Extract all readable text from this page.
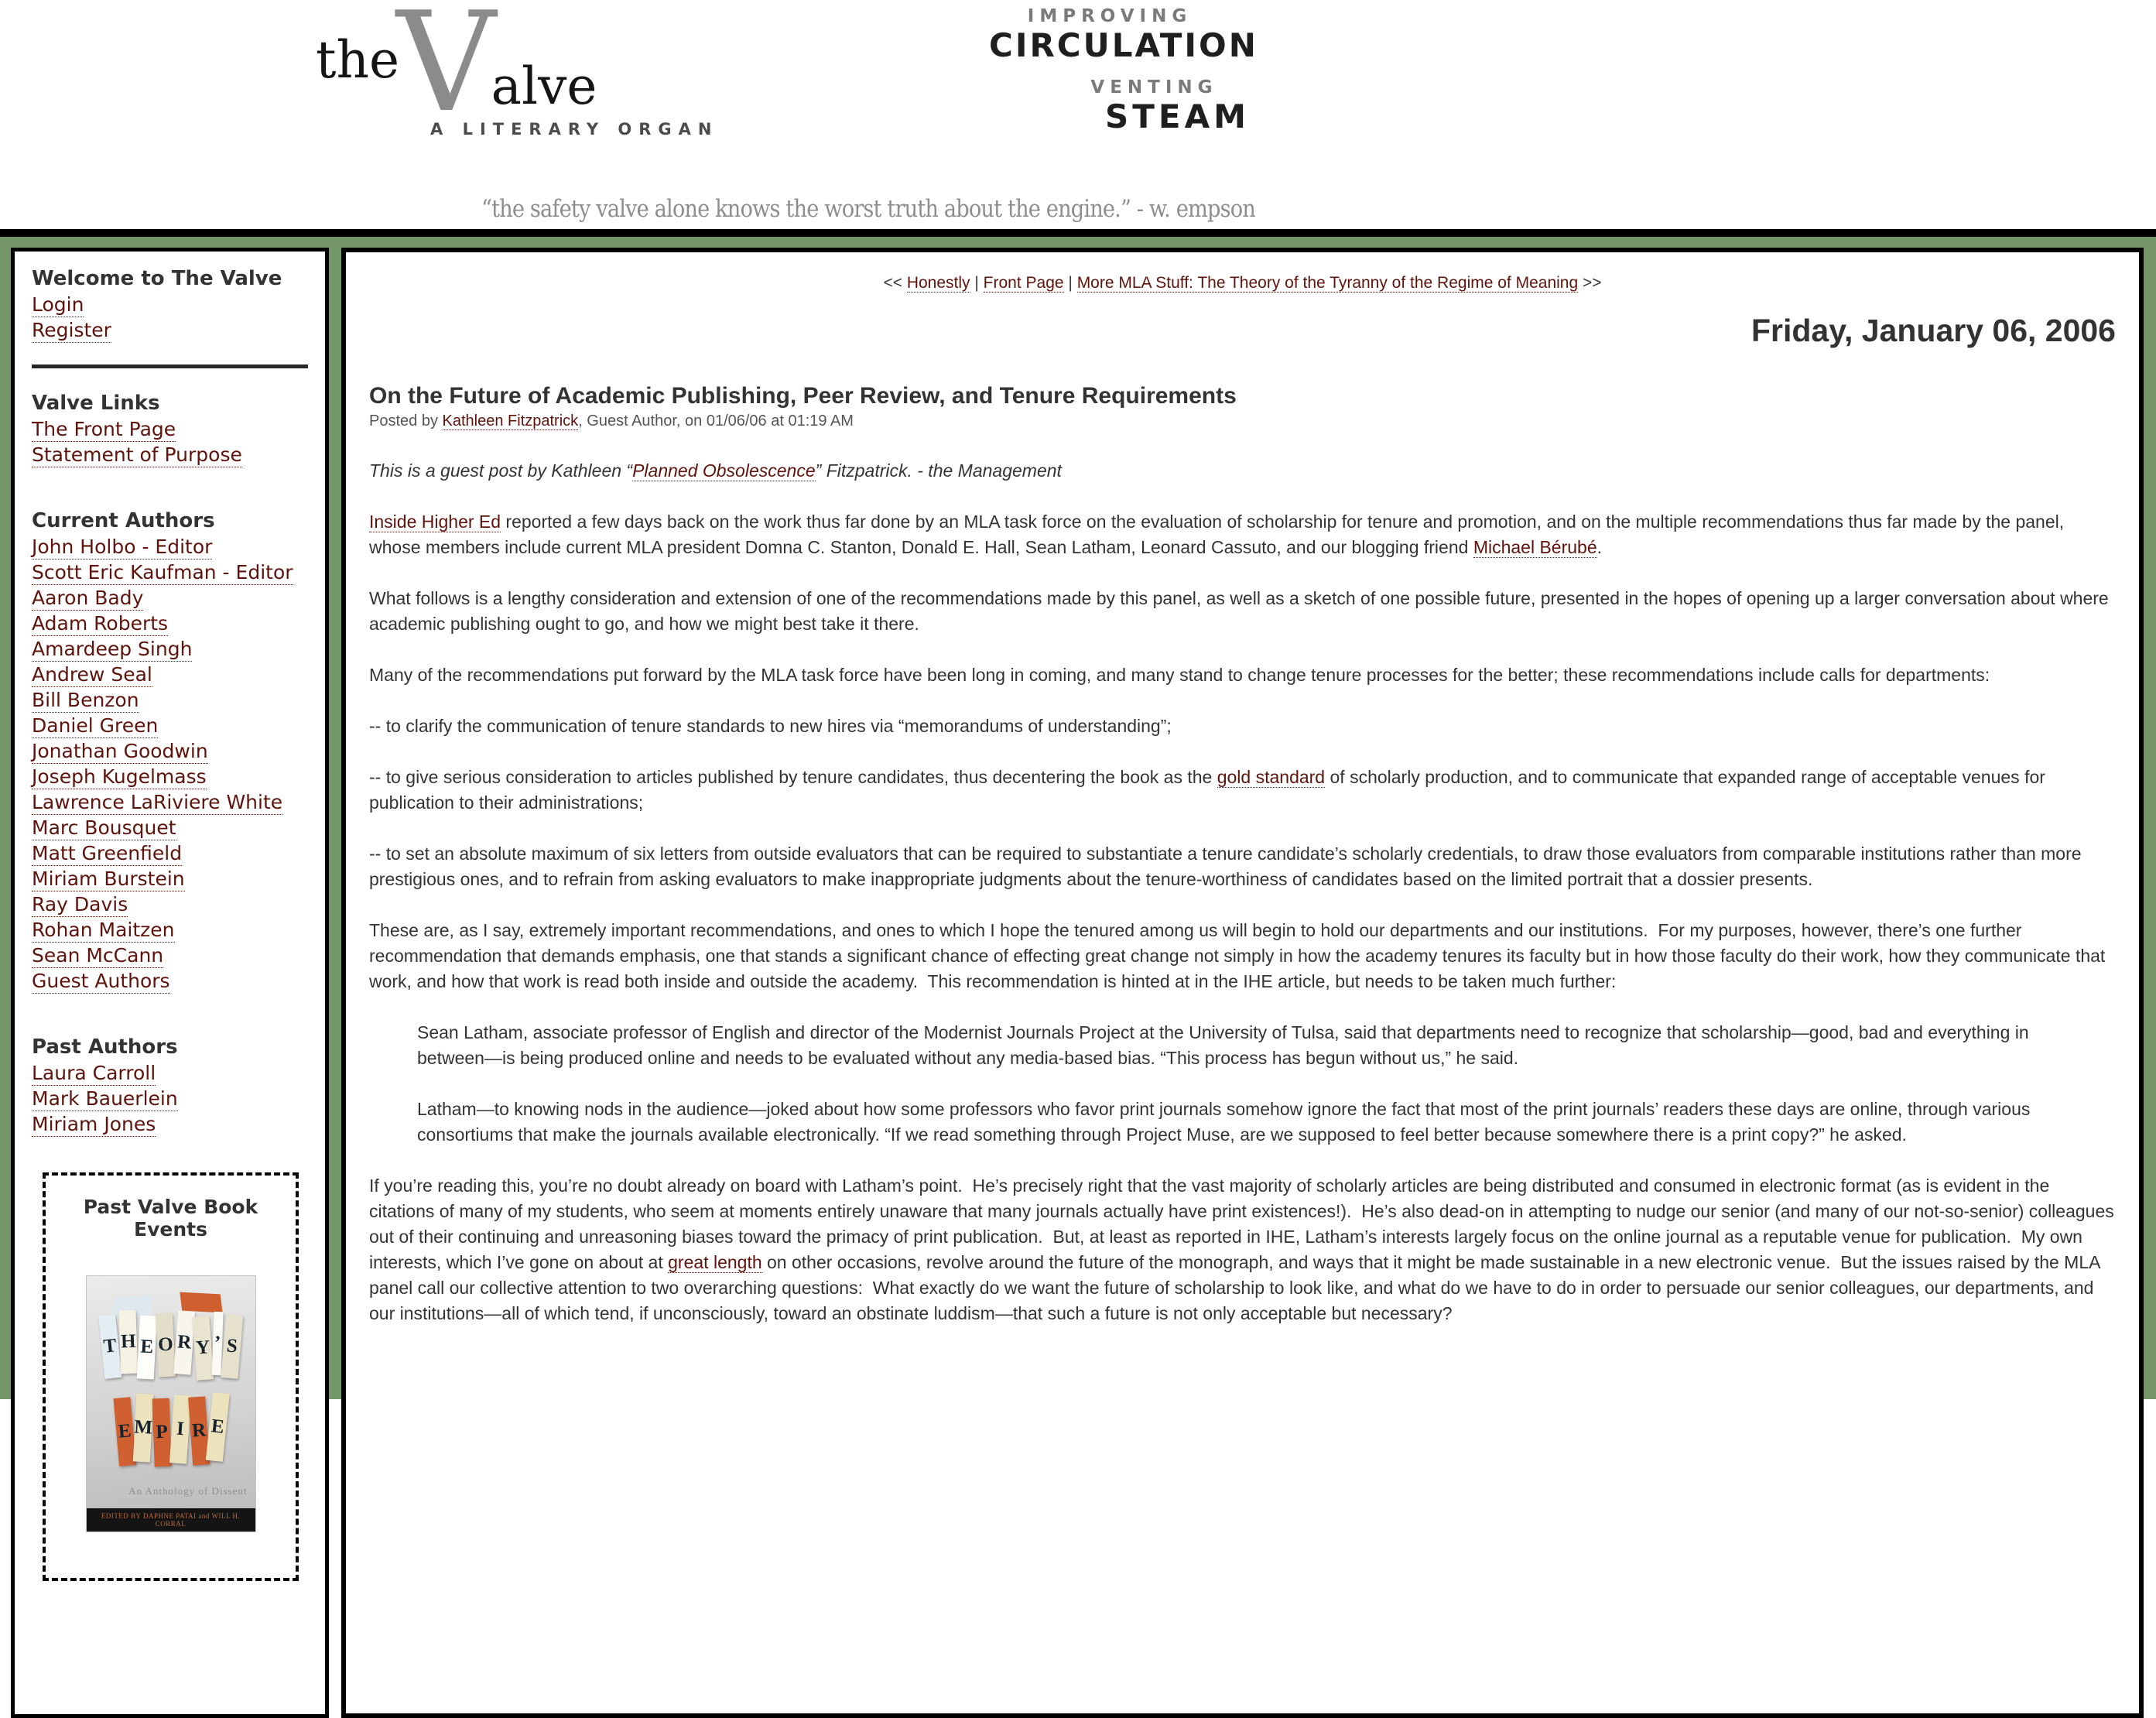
the
V
alve
A LITERARY ORGAN
IMPROVING
CIRCULATION
VENTING
STEAM
“the safety valve alone knows the worst truth about the engine.” - w. empson
Welcome to The Valve
Login
Register
Valve Links
The Front Page
Statement of Purpose
Current Authors
John Holbo - Editor
Scott Eric Kaufman - Editor
Aaron Bady
Adam Roberts
Amardeep Singh
Andrew Seal
Bill Benzon
Daniel Green
Jonathan Goodwin
Joseph Kugelmass
Lawrence LaRiviere White
Marc Bousquet
Matt Greenfield
Miriam Burstein
Ray Davis
Rohan Maitzen
Sean McCann
Guest Authors
Past Authors
Laura Carroll
Mark Bauerlein
Miriam Jones
Past Valve Book Events
T H E O R Y ’ S
E M P I R E
An Anthology of Dissent
EDITED BY DAPHNE PATAI and WILL H. CORRAL
<< Honestly | Front Page | More MLA Stuff: The Theory of the Tyranny of the Regime of Meaning >>
Friday, January 06, 2006
On the Future of Academic Publishing, Peer Review, and Tenure Requirements
Posted by Kathleen Fitzpatrick, Guest Author, on 01/06/06 at 01:19 AM

This is a guest post by Kathleen “Planned Obsolescence” Fitzpatrick. - the Management

Inside Higher Ed reported a few days back on the work thus far done by an MLA task force on the evaluation of scholarship for tenure and promotion, and on the multiple recommendations thus far made by the panel, whose members include current MLA president Domna C. Stanton, Donald E. Hall, Sean Latham, Leonard Cassuto, and our blogging friend Michael Bérubé.

What follows is a lengthy consideration and extension of one of the recommendations made by this panel, as well as a sketch of one possible future, presented in the hopes of opening up a larger conversation about where academic publishing ought to go, and how we might best take it there.

Many of the recommendations put forward by the MLA task force have been long in coming, and many stand to change tenure processes for the better; these recommendations include calls for departments:

-- to clarify the communication of tenure standards to new hires via “memorandums of understanding”;

-- to give serious consideration to articles published by tenure candidates, thus decentering the book as the gold standard of scholarly production, and to communicate that expanded range of acceptable venues for publication to their administrations;

-- to set an absolute maximum of six letters from outside evaluators that can be required to substantiate a tenure candidate’s scholarly credentials, to draw those evaluators from comparable institutions rather than more prestigious ones, and to refrain from asking evaluators to make inappropriate judgments about the tenure-worthiness of candidates based on the limited portrait that a dossier presents.

These are, as I say, extremely important recommendations, and ones to which I hope the tenured among us will begin to hold our departments and our institutions.  For my purposes, however, there’s one further recommendation that demands emphasis, one that stands a significant chance of effecting great change not simply in how the academy tenures its faculty but in how those faculty do their work, how they communicate that work, and how that work is read both inside and outside the academy.  This recommendation is hinted at in the IHE article, but needs to be taken much further:

Sean Latham, associate professor of English and director of the Modernist Journals Project at the University of Tulsa, said that departments need to recognize that scholarship—good, bad and everything in between—is being produced online and needs to be evaluated without any media-based bias. “This process has begun without us,” he said.
Latham—to knowing nods in the audience—joked about how some professors who favor print journals somehow ignore the fact that most of the print journals’ readers these days are online, through various consortiums that make the journals available electronically. “If we read something through Project Muse, are we supposed to feel better because somewhere there is a print copy?” he asked.

If you’re reading this, you’re no doubt already on board with Latham’s point.  He’s precisely right that the vast majority of scholarly articles are being distributed and consumed in electronic format (as is evident in the citations of many of my students, who seem at moments entirely unaware that many journals actually have print existences!).  He’s also dead-on in attempting to nudge our senior (and many of our not-so-senior) colleagues out of their continuing and unreasoning biases toward the primacy of print publication.  But, at least as reported in IHE, Latham’s interests largely focus on the online journal as a reputable venue for publication.  My own interests, which I’ve gone on about at great length on other occasions, revolve around the future of the monograph, and ways that it might be made sustainable in a new electronic venue.  But the issues raised by the MLA panel call our collective attention to two overarching questions:  What exactly do we want the future of scholarship to look like, and what do we have to do in order to persuade our senior colleagues, our departments, and our institutions—all of which tend, if unconsciously, toward an obstinate luddism—that such a future is not only acceptable but necessary?
